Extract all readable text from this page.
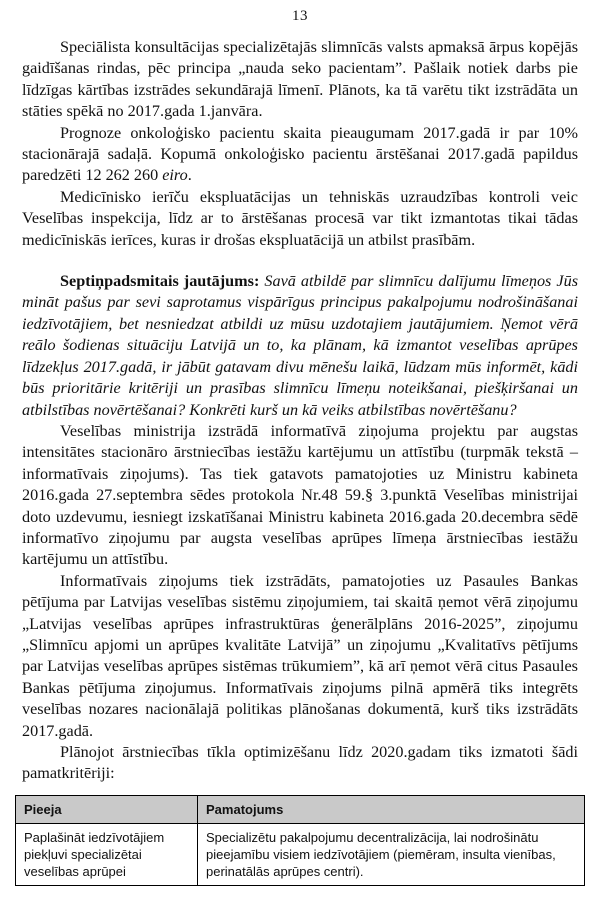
13

Speciālista konsultācijas specializētajās slimnīcās valsts apmaksā ārpus kopējās gaidīšanas rindas, pēc principa „nauda seko pacientam”. Pašlaik notiek darbs pie līdzīgas kārtības izstrādes sekundārajā līmenī. Plānots, ka tā varētu tikt izstrādāta un stāties spēkā no 2017.gada 1.janvāra.

Prognoze onkoloģisko pacientu skaita pieaugumam 2017.gadā ir par 10% stacionārajā sadaļā. Kopumā onkoloģisko pacientu ārstēšanai 2017.gadā papildus paredzēti 12 262 260 eiro.

Medicīnisko ierīču ekspluatācijas un tehniskās uzraudzības kontroli veic Veselības inspekcija, līdz ar to ārstēšanas procesā var tikt izmantotas tikai tādas medicīniskās ierīces, kuras ir drošas ekspluatācijā un atbilst prasībām.

Septiņpadsmitais jautājums: Savā atbildē par slimnīcu dalījumu līmeņos Jūs mināt pašus par sevi saprotamus vispārīgus principus pakalpojumu nodrošināšanai iedzīvotājiem, bet nesniedzat atbildi uz mūsu uzdotajiem jautājumiem. Ņemot vērā reālo šodienas situāciju Latvijā un to, ka plānam, kā izmantot veselības aprūpes līdzekļus 2017.gadā, ir jābūt gatavam divu mēnešu laikā, lūdzam mūs informēt, kādi būs prioritārie kritēriji un prasības slimnīcu līmeņu noteikšanai, piešķiršanai un atbilstības novērtēšanai? Konkrēti kurš un kā veiks atbilstības novērtēšanu?

Veselības ministrija izstrādā informatīvā ziņojuma projektu par augstas intensitātes stacionāro ārstniecības iestāžu kartējumu un attīstību (turpmāk tekstā – informatīvais ziņojums). Tas tiek gatavots pamatojoties uz Ministru kabineta 2016.gada 27.septembra sēdes protokola Nr.48 59.§ 3.punktā Veselības ministrijai doto uzdevumu, iesniegt izskatīšanai Ministru kabineta 2016.gada 20.decembra sēdē informatīvo ziņojumu par augsta veselības aprūpes līmeņa ārstniecības iestāžu kartējumu un attīstību.

Informatīvais ziņojums tiek izstrādāts, pamatojoties uz Pasaules Bankas pētījuma par Latvijas veselības sistēmu ziņojumiem, tai skaitā ņemot vērā ziņojumu „Latvijas veselības aprūpes infrastruktūras ģenerālplāns 2016-2025”, ziņojumu „Slimnīcu apjomi un aprūpes kvalitāte Latvijā” un ziņojumu „Kvalitatīvs pētījums par Latvijas veselības aprūpes sistēmas trūkumiem”, kā arī ņemot vērā citus Pasaules Bankas pētījuma ziņojumus. Informatīvais ziņojums pilnā apmērā tiks integrēts veselības nozares nacionālajā politikas plānošanas dokumentā, kurš tiks izstrādāts 2017.gadā.

Plānojot ārstniecības tīkla optimizēšanu līdz 2020.gadam tiks izmatoti šādi pamatkritēriji:

Pieeja	Pamatojums
Paplašināt iedzīvotājiem piekļuvi specializētai veselības aprūpei	Specializētu pakalpojumu decentralizācija, lai nodrošinātu pieejamību visiem iedzīvotājiem (piemēram, insulta vienības, perinatālās aprūpes centri).
